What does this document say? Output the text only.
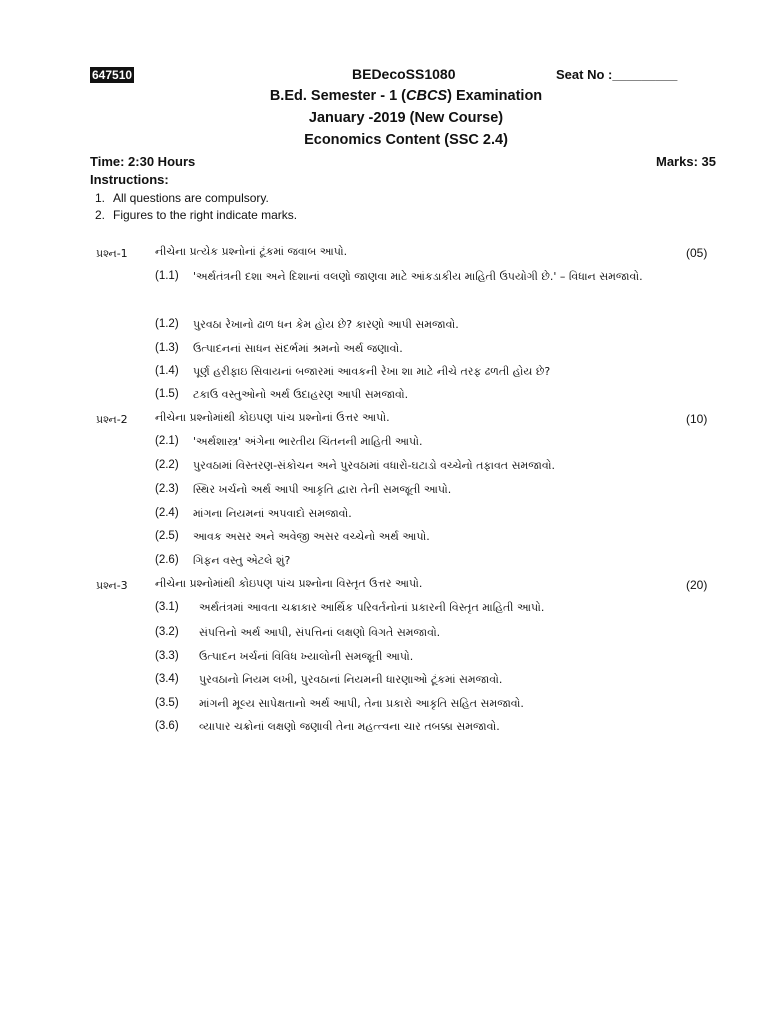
647510	BEDecoSS1080	Seat No :_________
B.Ed. Semester - 1 (CBCS) Examination
January -2019 (New Course)
Economics Content (SSC 2.4)
Time: 2:30 Hours	Marks: 35
Instructions:
1. All questions are compulsory.
2. Figures to the right indicate marks.
પ્રશ્ન-1 નીચેના પ્રત્યેક પ્રશ્નોનાં ટૂંકમાં જવાબ આપો.	(05)
(1.1)	'અર્થતંત્રની દશા અને દિશાનાં વલણો જાણવા માટે આંકડાકીય માહિતી ઉપયોગી છે.' – વિધાન સમજાવો.
(1.2)	પુરવઠા રેખાનો ઢાળ ધન કેમ હોય છે? કારણો આપી સમજાવો.
(1.3)	ઉત્પાદનનાં સાધન સંદર્ભમાં શ્રમનો અર્થ જણાવો.
(1.4)	પૂર્ણ હરીફાઇ સિવાયનાં બજારમાં આવકની રેખા શા માટે નીચે તરફ ઢળતી હોય છે?
(1.5)	ટકાઉ વસ્તુઓનો અર્થ ઉદાહરણ આપી સમજાવો.
પ્રશ્ન-2 નીચેના પ્રશ્નોમાંથી કોઇપણ પાંચ પ્રશ્નોનાં ઉત્તર આપો.	(10)
(2.1)	'અર્થશાસ્ત્ર' અંગેના ભારતીય ચિંતનની માહિતી આપો.
(2.2)	પુરવઠામાં વિસ્તરણ-સંકોચન અને પુરવઠામાં વધારો-ઘટાડો વચ્ચેનો તફાવત સમજાવો.
(2.3)	સ્થિર ખર્ચનો અર્થ આપી આકૃતિ દ્વારા તેની સમજૂતી આપો.
(2.4)	માંગના નિયમનાં અપવાદો સમજાવો.
(2.5)	આવક અસર અને અવેજી અસર વચ્ચેનો અર્થ આપો.
(2.6)	ગિફન વસ્તુ એટલે શું?
પ્રશ્ન-3 નીચેના પ્રશ્નોમાંથી કોઇપણ પાંચ પ્રશ્નોના વિસ્તૃત ઉત્તર આપો.	(20)
(3.1)	અર્થતંત્રમાં આવતા ચક્રાકાર આર્થિક પરિવર્તનોનાં પ્રકારની વિસ્તૃત માહિતી આપો.
(3.2)	સંપત્તિનો અર્થ આપી, સંપત્તિનાં લક્ષણો વિગતે સમજાવો.
(3.3)	ઉત્પાદન ખર્ચનાં વિવિધ ખ્યાલોની સમજૂતી આપો.
(3.4)	પુરવઠાનો નિયમ લખી, પુરવઠાનાં નિયમની ધારણાઓ ટૂંકમાં સમજાવો.
(3.5)	માંગની મૂલ્ય સાપેક્ષતાનો અર્થ આપી, તેના પ્રકારો આકૃતિ સહિત સમજાવો.
(3.6)	વ્યાપાર ચક્રોનાં લક્ષણો જણાવી તેના મહત્ત્વના ચાર તબક્કા સમજાવો.
